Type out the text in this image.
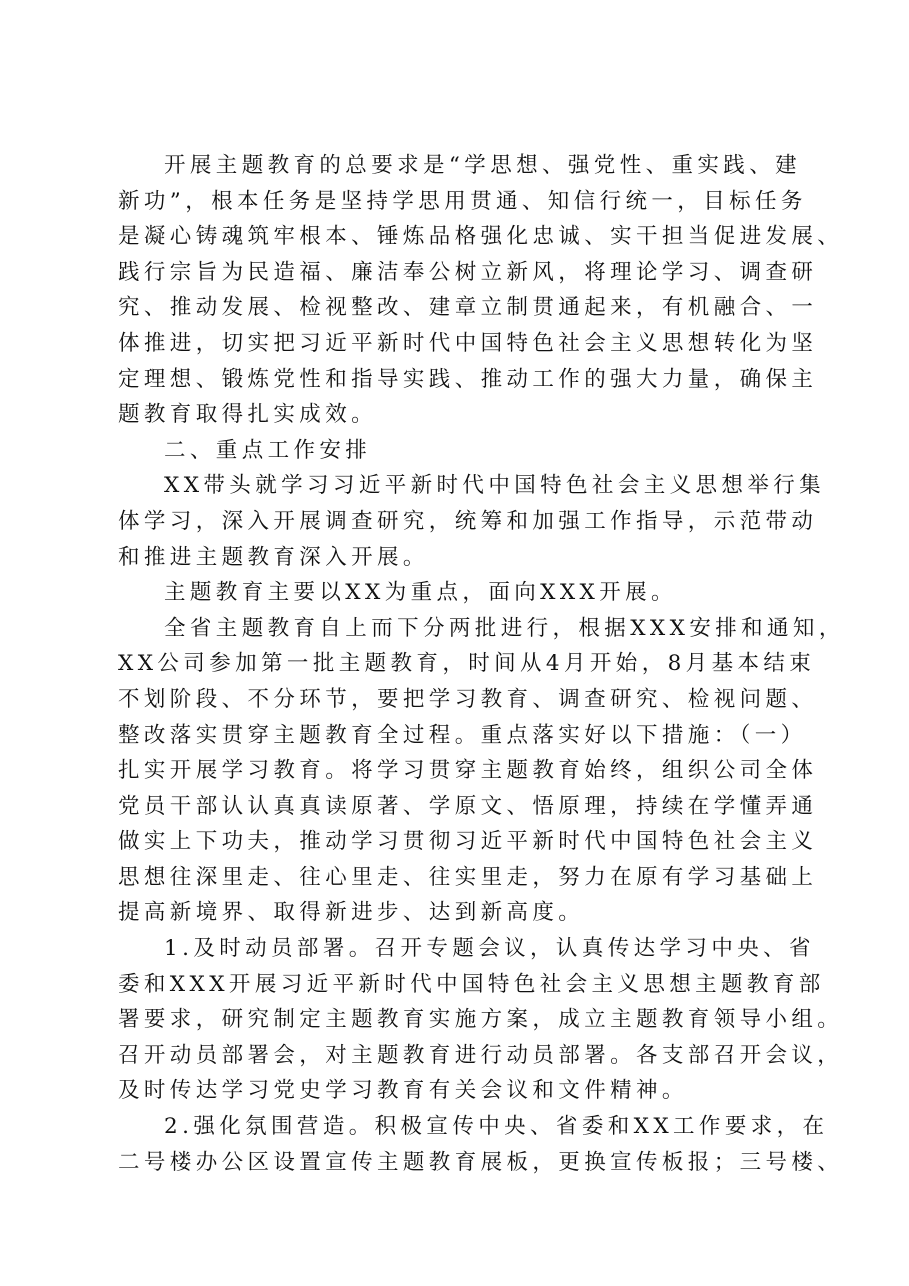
开展主题教育的总要求是“学思想、强党性、重实践、建
新功”，根本任务是坚持学思用贯通、知信行统一，目标任务
是凝心铸魂筑牢根本、锤炼品格强化忠诚、实干担当促进发展、
践行宗旨为民造福、廉洁奉公树立新风，将理论学习、调查研
究、推动发展、检视整改、建章立制贯通起来，有机融合、一
体推进，切实把习近平新时代中国特色社会主义思想转化为坚
定理想、锻炼党性和指导实践、推动工作的强大力量，确保主
题教育取得扎实成效。
二、重点工作安排
XX带头就学习习近平新时代中国特色社会主义思想举行集
体学习，深入开展调查研究，统筹和加强工作指导，示范带动
和推进主题教育深入开展。
主题教育主要以XX为重点，面向XXX开展。
全省主题教育自上而下分两批进行，根据XXX安排和通知，
XX公司参加第一批主题教育，时间从4月开始，8月基本结束
不划阶段、不分环节，要把学习教育、调查研究、检视问题、
整改落实贯穿主题教育全过程。重点落实好以下措施：（一）
扎实开展学习教育。将学习贯穿主题教育始终，组织公司全体
党员干部认认真真读原著、学原文、悟原理，持续在学懂弄通
做实上下功夫，推动学习贯彻习近平新时代中国特色社会主义
思想往深里走、往心里走、往实里走，努力在原有学习基础上
提高新境界、取得新进步、达到新高度。
1.及时动员部署。召开专题会议，认真传达学习中央、省
委和XXX开展习近平新时代中国特色社会主义思想主题教育部
署要求，研究制定主题教育实施方案，成立主题教育领导小组。
召开动员部署会，对主题教育进行动员部署。各支部召开会议，
及时传达学习党史学习教育有关会议和文件精神。
2.强化氛围营造。积极宣传中央、省委和XX工作要求，在
二号楼办公区设置宣传主题教育展板，更换宣传板报；三号楼、
